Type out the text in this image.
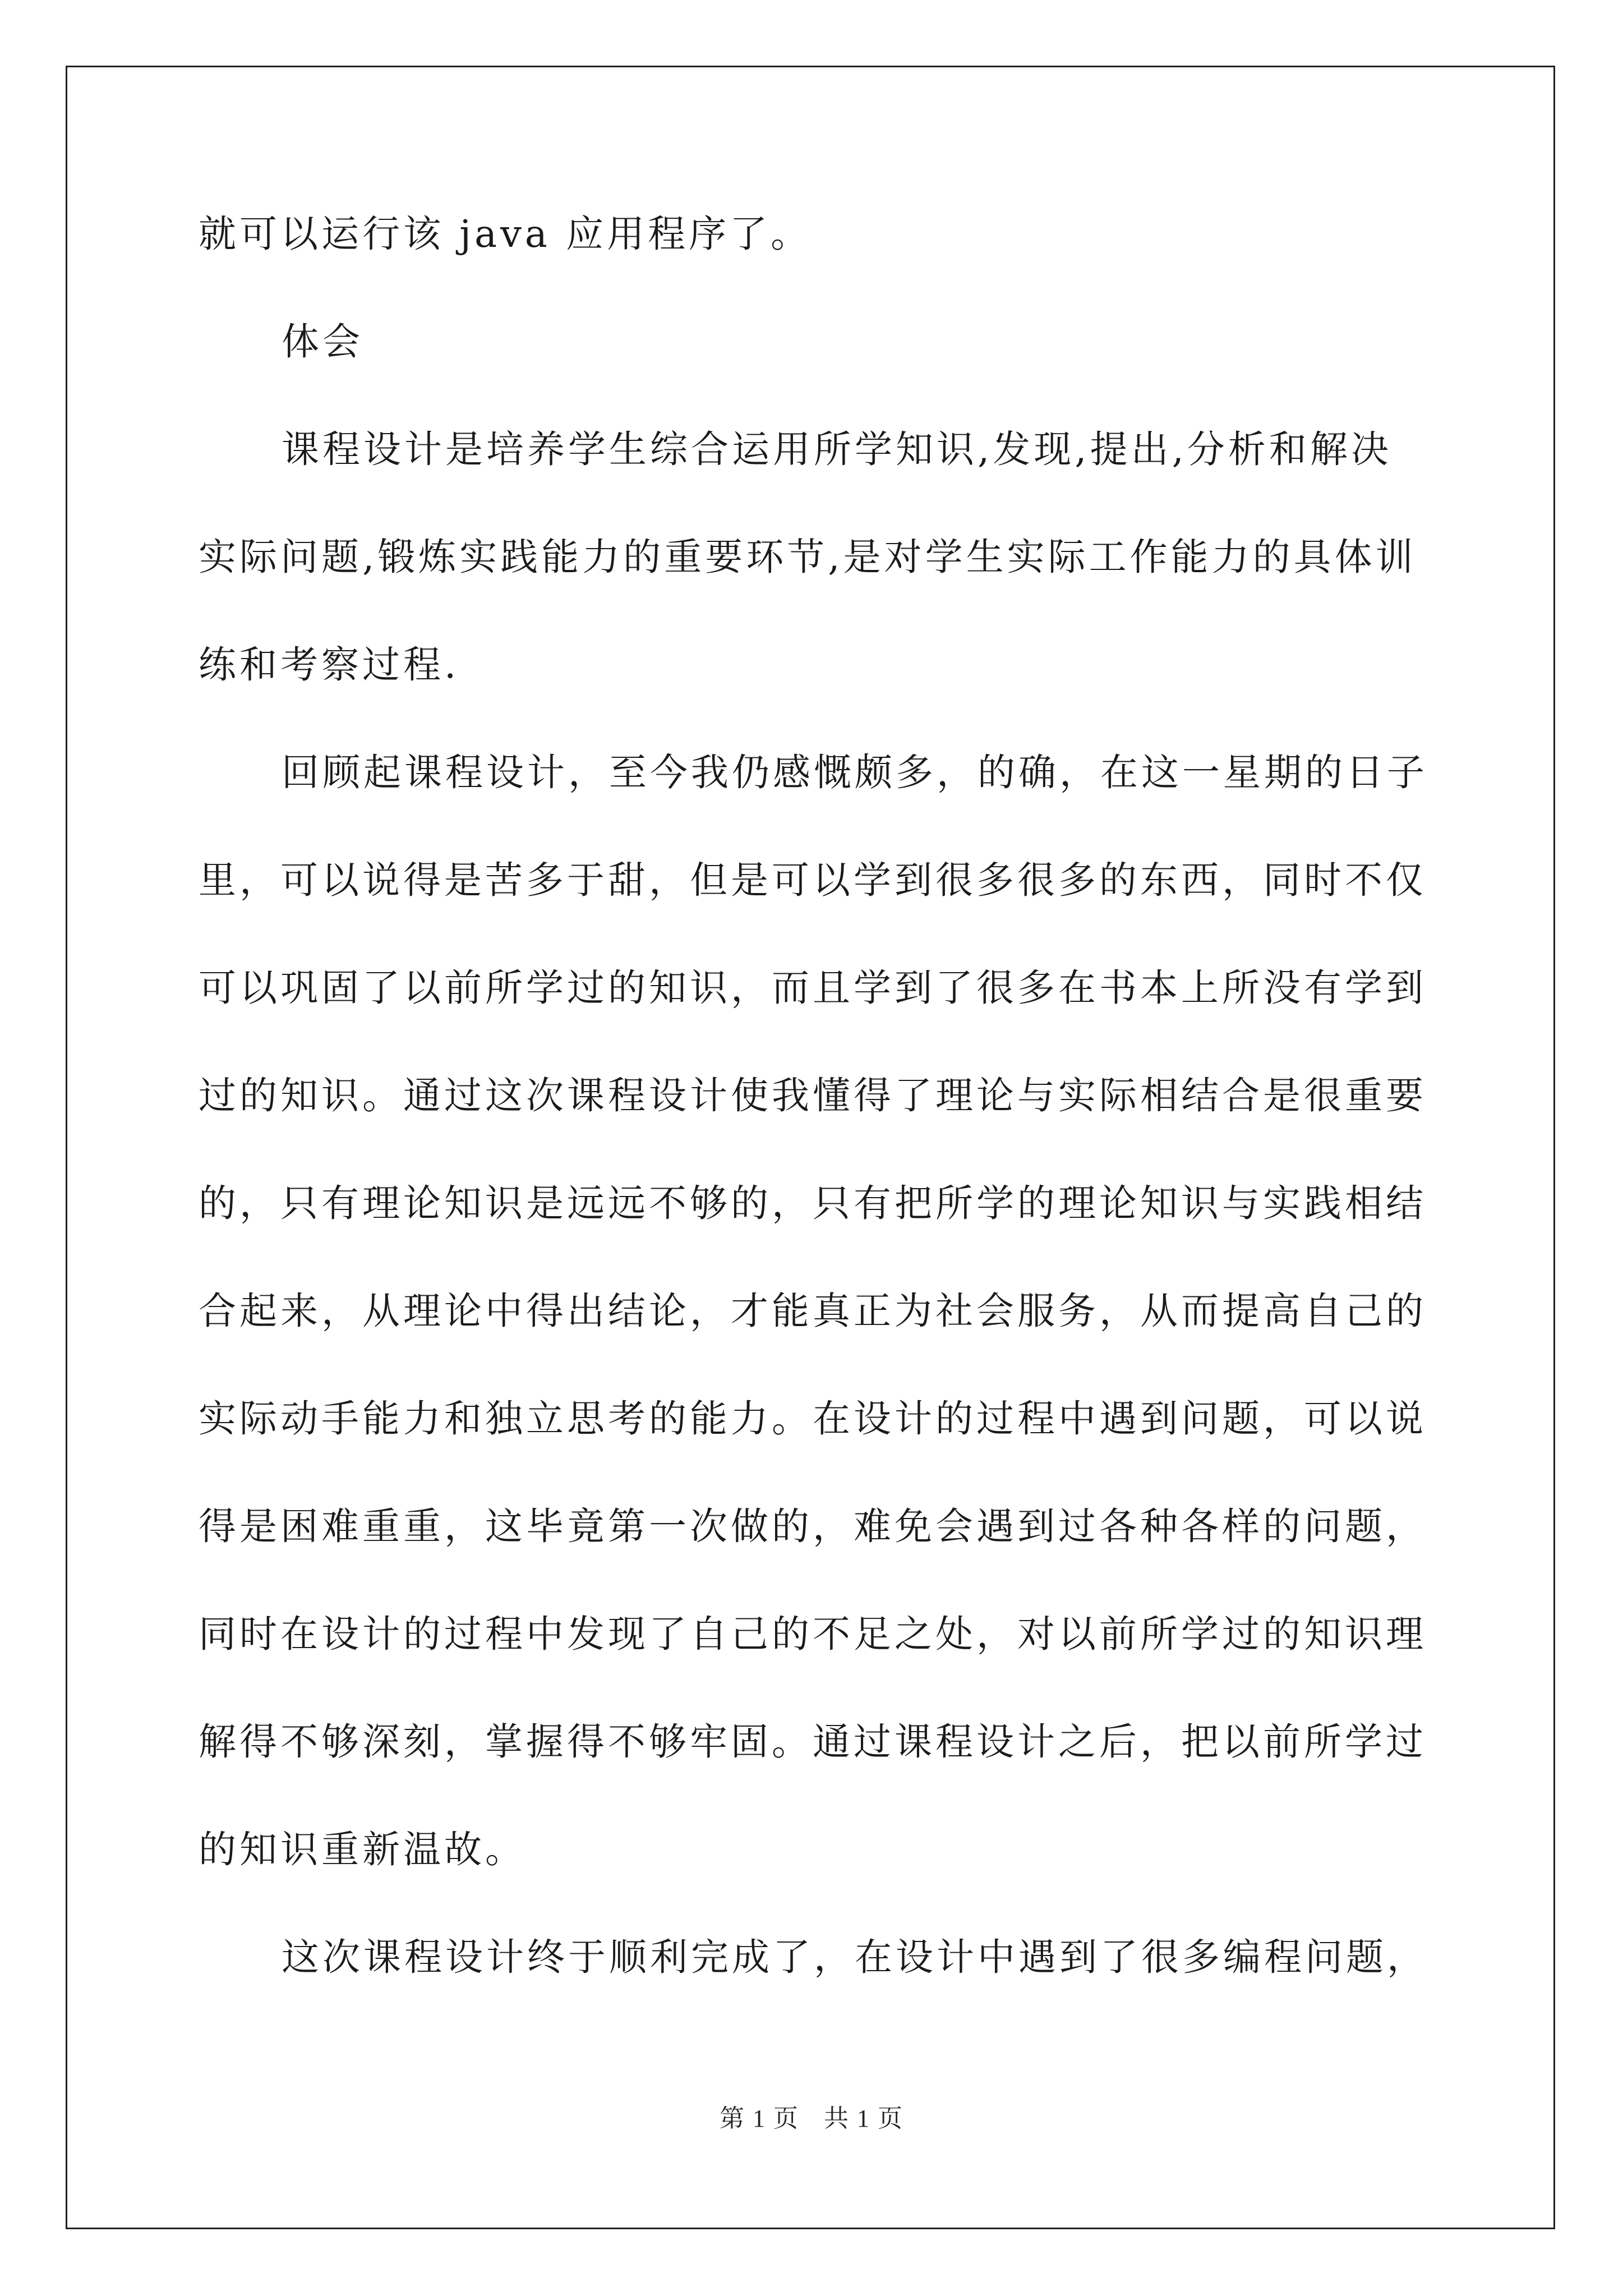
就可以运行该 java 应用程序了。
体会
课程设计是培养学生综合运用所学知识,发现,提出,分析和解决
实际问题,锻炼实践能力的重要环节,是对学生实际工作能力的具体训
练和考察过程.
回顾起课程设计，至今我仍感慨颇多，的确，在这一星期的日子
里，可以说得是苦多于甜，但是可以学到很多很多的东西，同时不仅
可以巩固了以前所学过的知识，而且学到了很多在书本上所没有学到
过的知识。通过这次课程设计使我懂得了理论与实际相结合是很重要
的，只有理论知识是远远不够的，只有把所学的理论知识与实践相结
合起来，从理论中得出结论，才能真正为社会服务，从而提高自己的
实际动手能力和独立思考的能力。在设计的过程中遇到问题，可以说
得是困难重重，这毕竟第一次做的，难免会遇到过各种各样的问题，
同时在设计的过程中发现了自己的不足之处，对以前所学过的知识理
解得不够深刻，掌握得不够牢固。通过课程设计之后，把以前所学过
的知识重新温故。
这次课程设计终于顺利完成了，在设计中遇到了很多编程问题，
第 1 页 共 1 页
